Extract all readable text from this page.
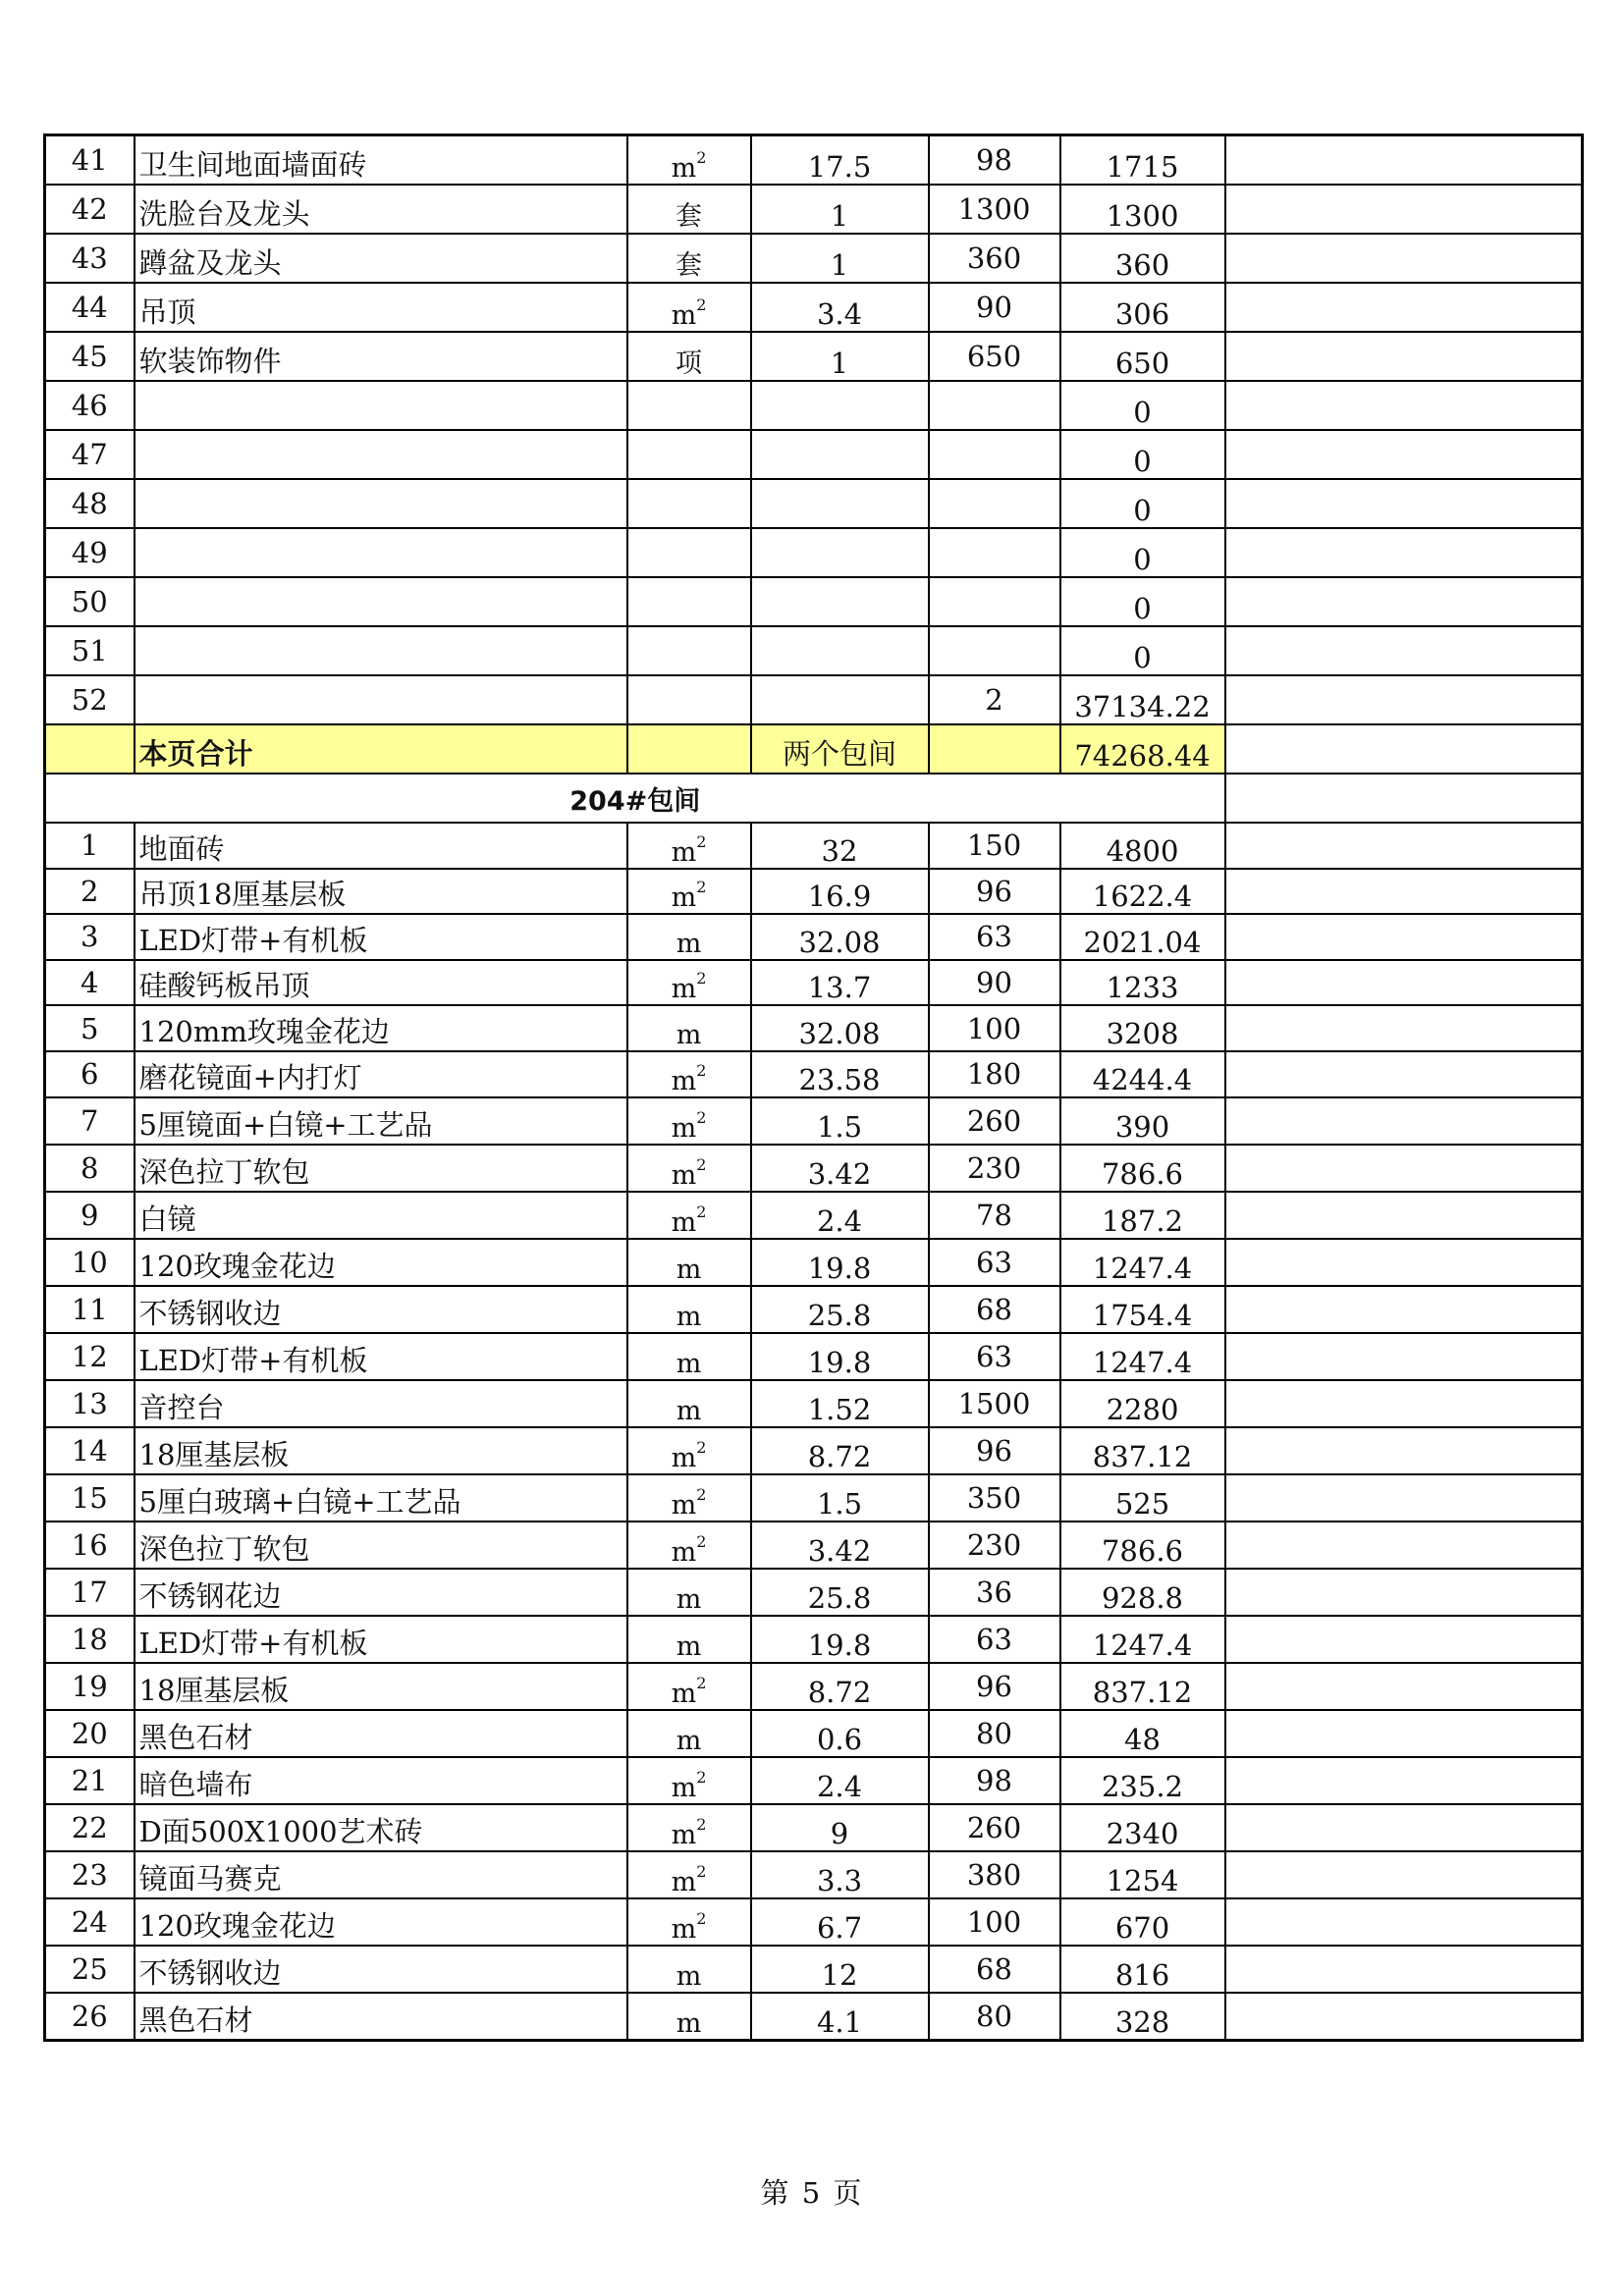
41	卫生间地面墙面砖	$m^2$	17.5	98	1715	
42	洗脸台及龙头	套	1	1300	1300	
43	蹲盆及龙头	套	1	360	360	
44	吊顶	$m^2$	3.4	90	306	
45	软装饰物件	项	1	650	650	
46					0	
47					0	
48					0	
49					0	
50					0	
51					0	
52				2	37134.22	
	本页合计		两个包间		74268.44	
204#包间						
1	地面砖	$m^2$	32	150	4800	
2	吊顶18厘基层板	$m^2$	16.9	96	1622.4	
3	LED灯带+有机板	m	32.08	63	2021.04	
4	硅酸钙板吊顶	$m^2$	13.7	90	1233	
5	120mm玫瑰金花边	m	32.08	100	3208	
6	磨花镜面+内打灯	$m^2$	23.58	180	4244.4	
7	5厘镜面+白镜+工艺品	$m^2$	1.5	260	390	
8	深色拉丁软包	$m^2$	3.42	230	786.6	
9	白镜	$m^2$	2.4	78	187.2	
10	120玫瑰金花边	m	19.8	63	1247.4	
11	不锈钢收边	m	25.8	68	1754.4	
12	LED灯带+有机板	m	19.8	63	1247.4	
13	音控台	m	1.52	1500	2280	
14	18厘基层板	$m^2$	8.72	96	837.12	
15	5厘白玻璃+白镜+工艺品	$m^2$	1.5	350	525	
16	深色拉丁软包	$m^2$	3.42	230	786.6	
17	不锈钢花边	m	25.8	36	928.8	
18	LED灯带+有机板	m	19.8	63	1247.4	
19	18厘基层板	$m^2$	8.72	96	837.12	
20	黑色石材	m	0.6	80	48	
21	暗色墙布	$m^2$	2.4	98	235.2	
22	D面500X1000艺术砖	$m^2$	9	260	2340	
23	镜面马赛克	$m^2$	3.3	380	1254	
24	120玫瑰金花边	$m^2$	6.7	100	670	
25	不锈钢收边	m	12	68	816	
26	黑色石材	m	4.1	80	328	
第 5 页
